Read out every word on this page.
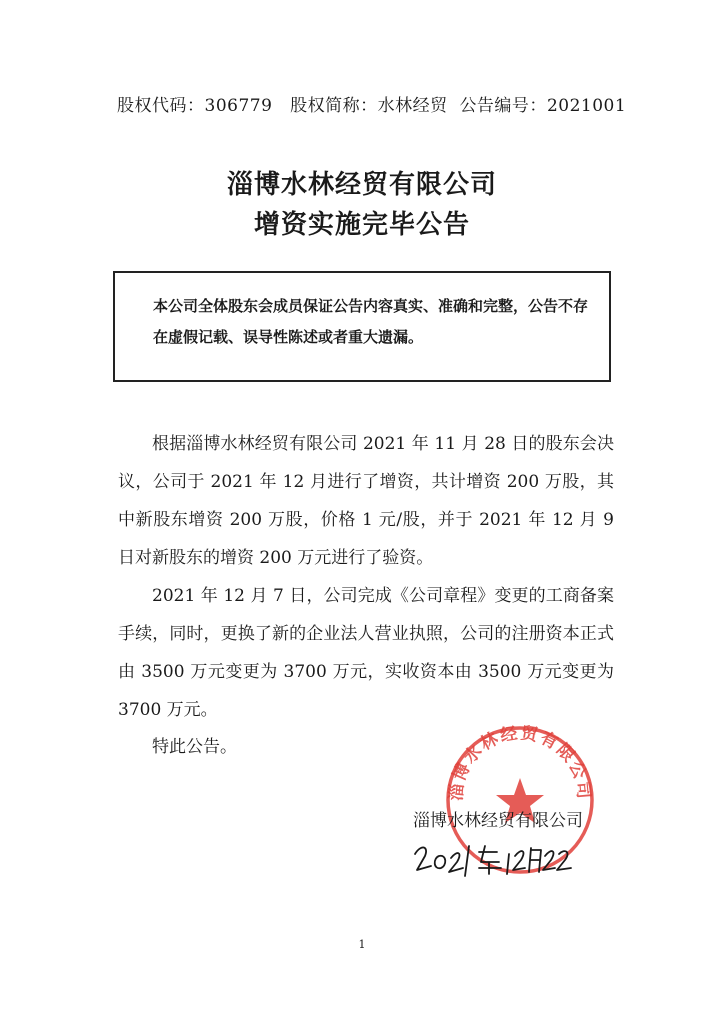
股权代码：306779 股权简称：水林经贸 公告编号：2021001
淄博水林经贸有限公司
增资实施完毕公告
本公司全体股东会成员保证公告内容真实、准确和完整，公告不存在虚假记载、误导性陈述或者重大遗漏。

根据淄博水林经贸有限公司 2021 年 11 月 28 日的股东会决议，公司于 2021 年 12 月进行了增资，共计增资 200 万股，其中新股东增资 200 万股，价格 1 元/股，并于 2021 年 12 月 9 日对新股东的增资 200 万元进行了验资。

2021 年 12 月 7 日，公司完成《公司章程》变更的工商备案手续，同时，更换了新的企业法人营业执照，公司的注册资本正式由 3500 万元变更为 3700 万元，实收资本由 3500 万元变更为 3700 万元。

特此公告。

淄博水林经贸有限公司
淄博水林经贸有限公司
1
